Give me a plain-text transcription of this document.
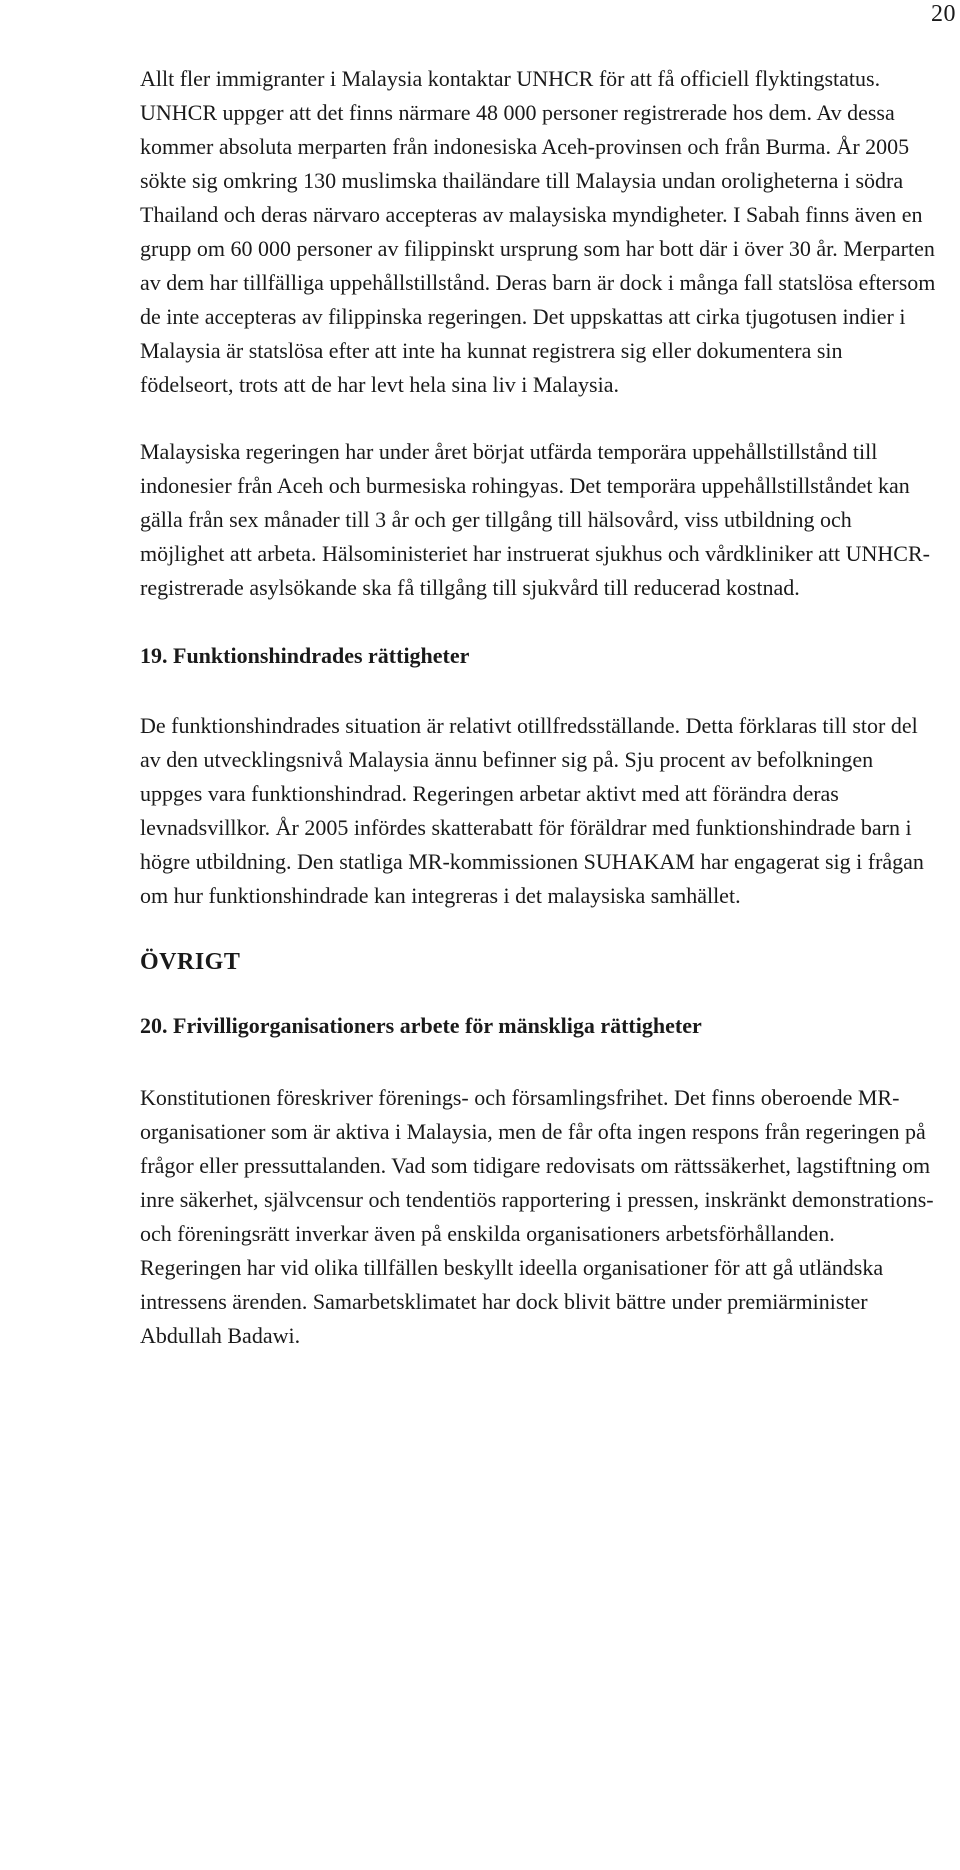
20

Allt fler immigranter i Malaysia kontaktar UNHCR för att få officiell flyktingstatus. UNHCR uppger att det finns närmare 48 000 personer registrerade hos dem. Av dessa kommer absoluta merparten från indonesiska Aceh-provinsen och från Burma. År 2005 sökte sig omkring 130 muslimska thailändare till Malaysia undan oroligheterna i södra Thailand och deras närvaro accepteras av malaysiska myndigheter. I Sabah finns även en grupp om 60 000 personer av filippinskt ursprung som har bott där i över 30 år. Merparten av dem har tillfälliga uppehållstillstånd. Deras barn är dock i många fall statslösa eftersom de inte accepteras av filippinska regeringen. Det uppskattas att cirka tjugotusen indier i Malaysia är statslösa efter att inte ha kunnat registrera sig eller dokumentera sin födelseort, trots att de har levt hela sina liv i Malaysia.

Malaysiska regeringen har under året börjat utfärda temporära uppehållstillstånd till indonesier från Aceh och burmesiska rohingyas. Det temporära uppehållstillståndet kan gälla från sex månader till 3 år och ger tillgång till hälsovård, viss utbildning och möjlighet att arbeta. Hälsoministeriet har instruerat sjukhus och vårdkliniker att UNHCR-registrerade asylsökande ska få tillgång till sjukvård till reducerad kostnad.

19. Funktionshindrades rättigheter

De funktionshindrades situation är relativt otillfredsställande. Detta förklaras till stor del av den utvecklingsnivå Malaysia ännu befinner sig på. Sju procent av befolkningen uppges vara funktionshindrad. Regeringen arbetar aktivt med att förändra deras levnadsvillkor. År 2005 infördes skatterabatt för föräldrar med funktionshindrade barn i högre utbildning. Den statliga MR-kommissionen SUHAKAM har engagerat sig i frågan om hur funktionshindrade kan integreras i det malaysiska samhället.

ÖVRIGT
20. Frivilligorganisationers arbete för mänskliga rättigheter

Konstitutionen föreskriver förenings- och församlingsfrihet. Det finns oberoende MR-organisationer som är aktiva i Malaysia, men de får ofta ingen respons från regeringen på frågor eller pressuttalanden. Vad som tidigare redovisats om rättssäkerhet, lagstiftning om inre säkerhet, självcensur och tendentiös rapportering i pressen, inskränkt demonstrations- och föreningsrätt inverkar även på enskilda organisationers arbetsförhållanden. Regeringen har vid olika tillfällen beskyllt ideella organisationer för att gå utländska intressens ärenden. Samarbetsklimatet har dock blivit bättre under premiärminister Abdullah Badawi.
